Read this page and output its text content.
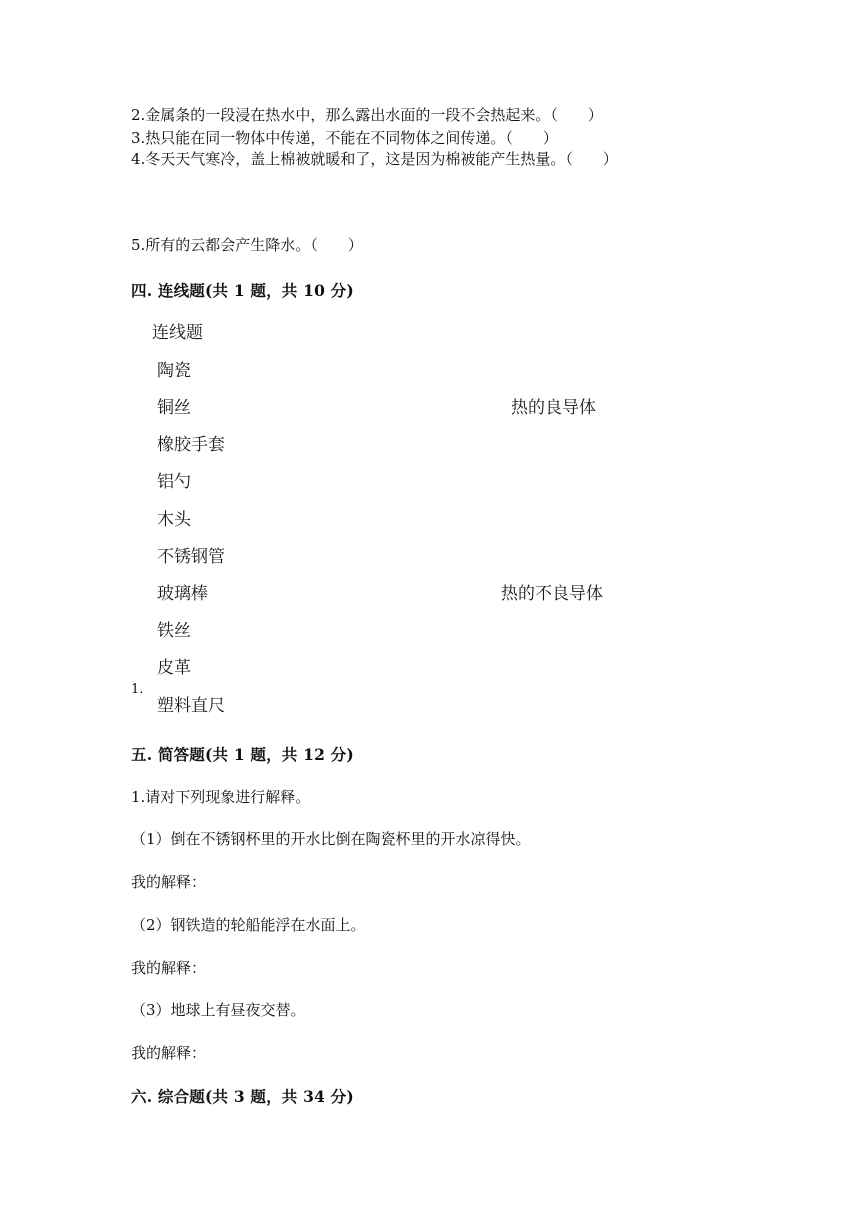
2.金属条的一段浸在热水中，那么露出水面的一段不会热起来。（　　）
3.热只能在同一物体中传递，不能在不同物体之间传递。（　　）
4.冬天天气寒冷，盖上棉被就暖和了，这是因为棉被能产生热量。（　　）
5.所有的云都会产生降水。（　　）
四. 连线题(共 1 题，共 10 分)
连线题
陶瓷
铜丝
橡胶手套
铝勺
木头
不锈钢管
玻璃棒
铁丝
皮革
1.
塑料直尺
热的良导体
热的不良导体
五. 简答题(共 1 题，共 12 分)
1.请对下列现象进行解释。
（1）倒在不锈钢杯里的开水比倒在陶瓷杯里的开水凉得快。
我的解释：
（2）钢铁造的轮船能浮在水面上。
我的解释：
（3）地球上有昼夜交替。
我的解释：
六. 综合题(共 3 题，共 34 分)
